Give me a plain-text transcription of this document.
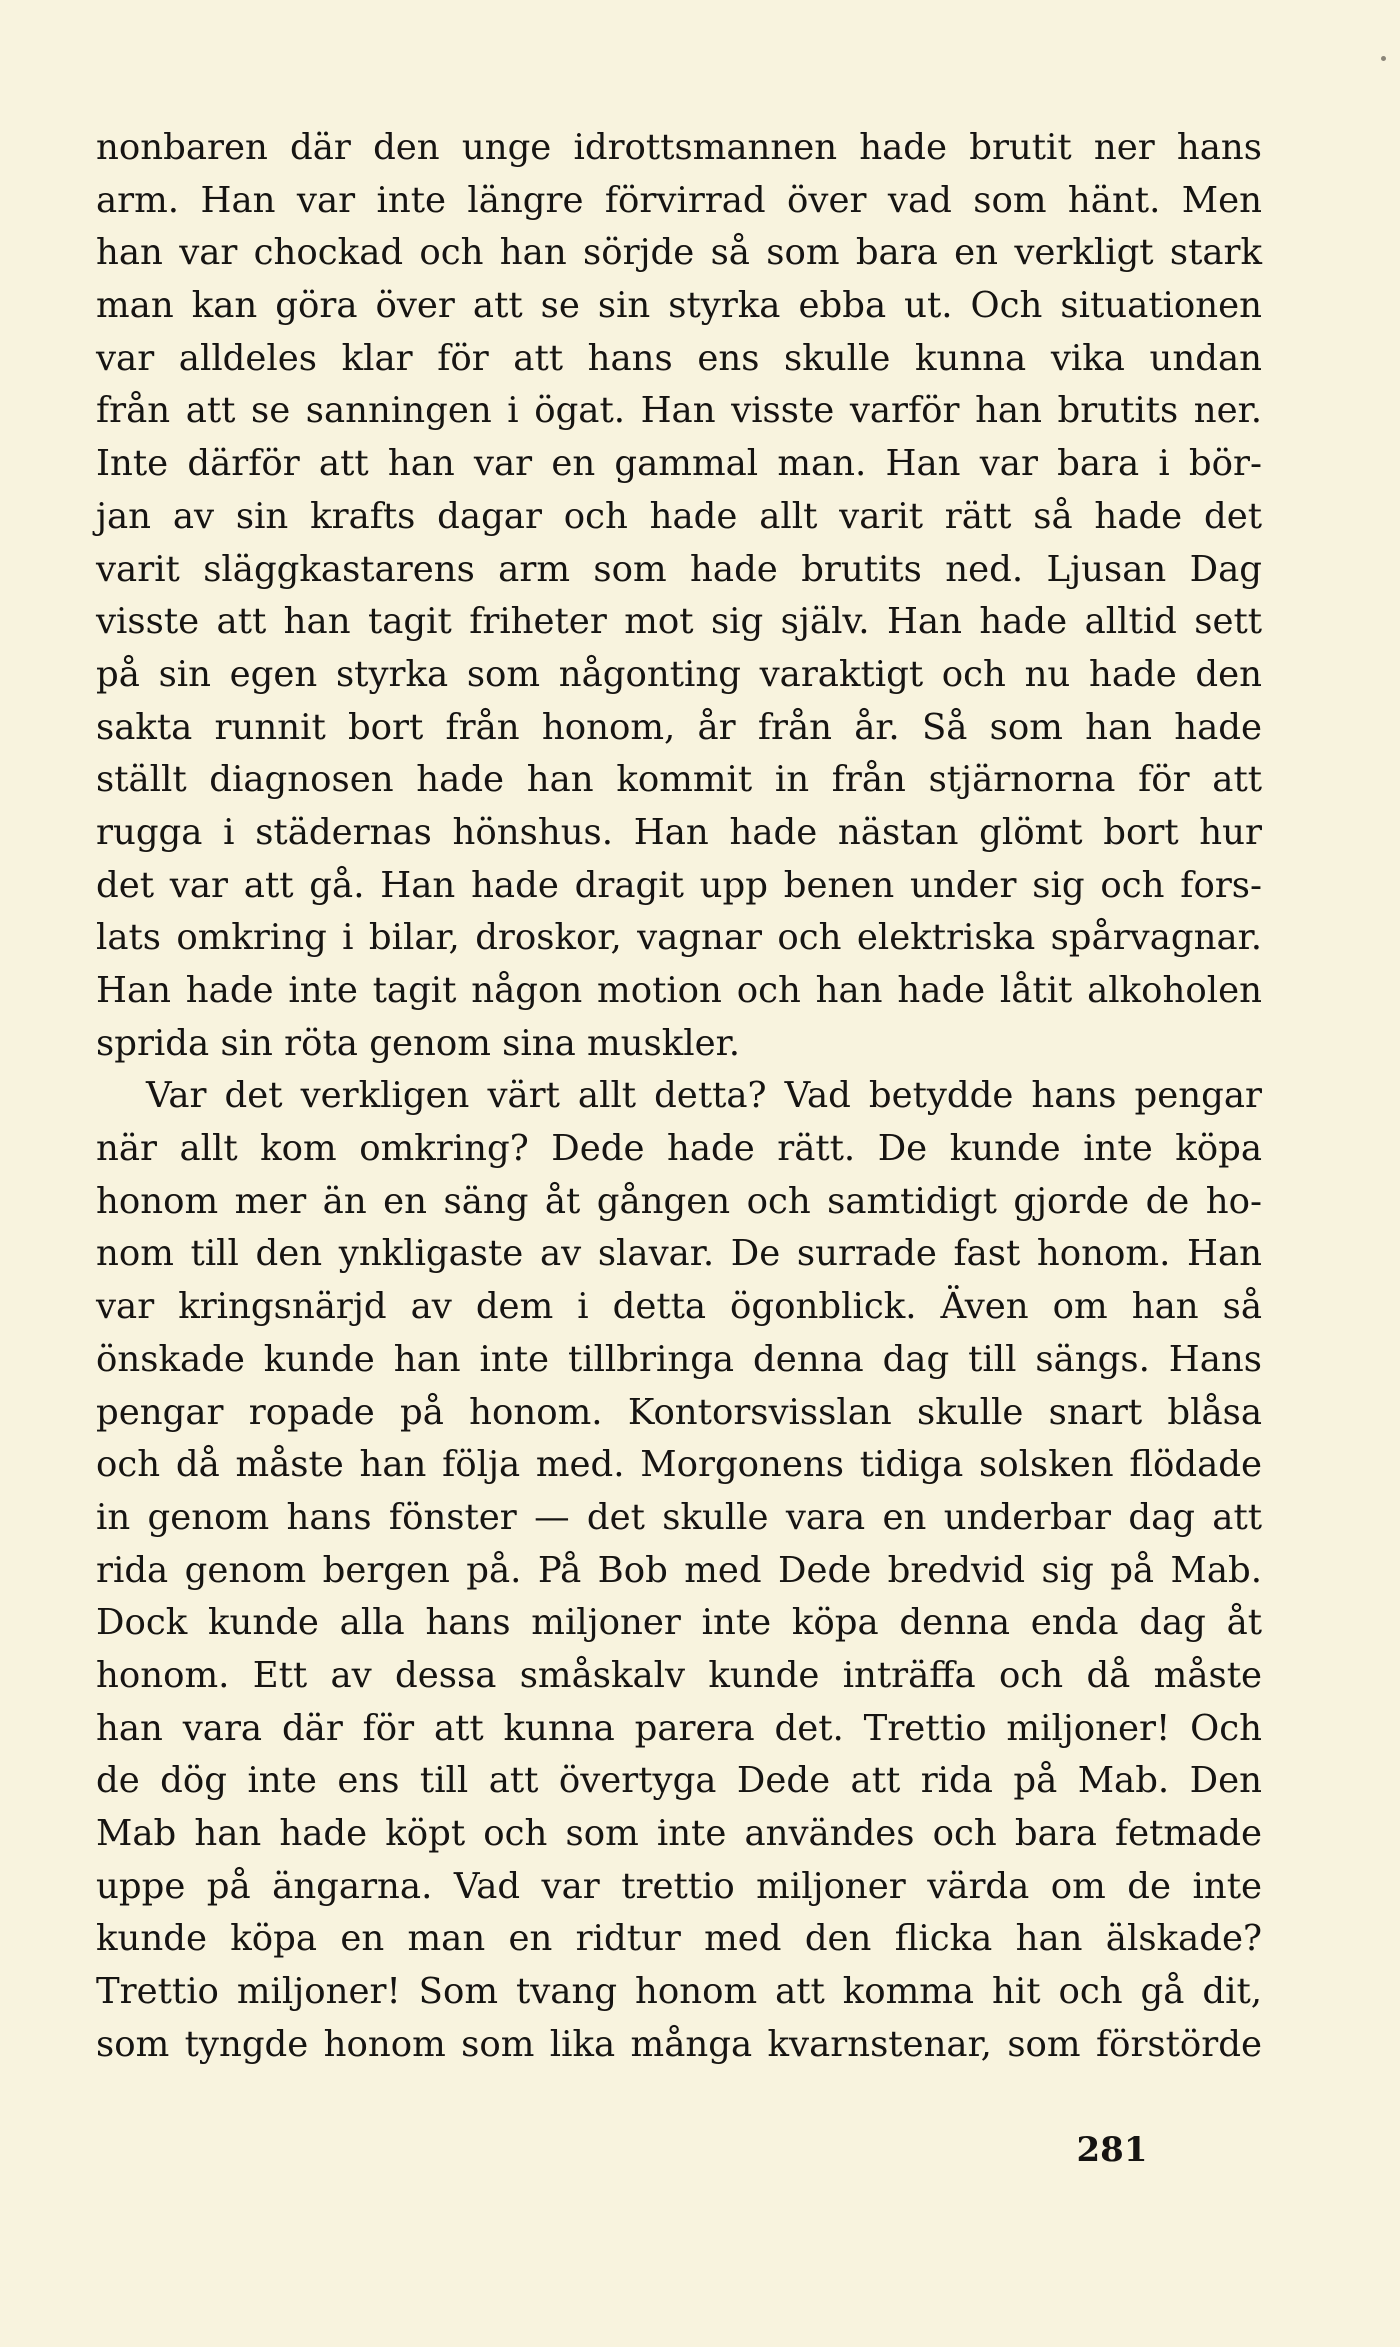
nonbaren där den unge idrottsmannen hade brutit ner hans
arm. Han var inte längre förvirrad över vad som hänt. Men
han var chockad och han sörjde så som bara en verkligt stark
man kan göra över att se sin styrka ebba ut. Och situationen
var alldeles klar för att hans ens skulle kunna vika undan
från att se sanningen i ögat. Han visste varför han brutits ner.
Inte därför att han var en gammal man. Han var bara i bör-
jan av sin krafts dagar och hade allt varit rätt så hade det
varit släggkastarens arm som hade brutits ned. Ljusan Dag
visste att han tagit friheter mot sig själv. Han hade alltid sett
på sin egen styrka som någonting varaktigt och nu hade den
sakta runnit bort från honom, år från år. Så som han hade
ställt diagnosen hade han kommit in från stjärnorna för att
rugga i städernas hönshus. Han hade nästan glömt bort hur
det var att gå. Han hade dragit upp benen under sig och fors-
lats omkring i bilar, droskor, vagnar och elektriska spårvagnar.
Han hade inte tagit någon motion och han hade låtit alkoholen
sprida sin röta genom sina muskler.
Var det verkligen värt allt detta? Vad betydde hans pengar
när allt kom omkring? Dede hade rätt. De kunde inte köpa
honom mer än en säng åt gången och samtidigt gjorde de ho-
nom till den ynkligaste av slavar. De surrade fast honom. Han
var kringsnärjd av dem i detta ögonblick. Även om han så
önskade kunde han inte tillbringa denna dag till sängs. Hans
pengar ropade på honom. Kontorsvisslan skulle snart blåsa
och då måste han följa med. Morgonens tidiga solsken flödade
in genom hans fönster — det skulle vara en underbar dag att
rida genom bergen på. På Bob med Dede bredvid sig på Mab.
Dock kunde alla hans miljoner inte köpa denna enda dag åt
honom. Ett av dessa småskalv kunde inträffa och då måste
han vara där för att kunna parera det. Trettio miljoner! Och
de dög inte ens till att övertyga Dede att rida på Mab. Den
Mab han hade köpt och som inte användes och bara fetmade
uppe på ängarna. Vad var trettio miljoner värda om de inte
kunde köpa en man en ridtur med den flicka han älskade?
Trettio miljoner! Som tvang honom att komma hit och gå dit,
som tyngde honom som lika många kvarnstenar, som förstörde
281
